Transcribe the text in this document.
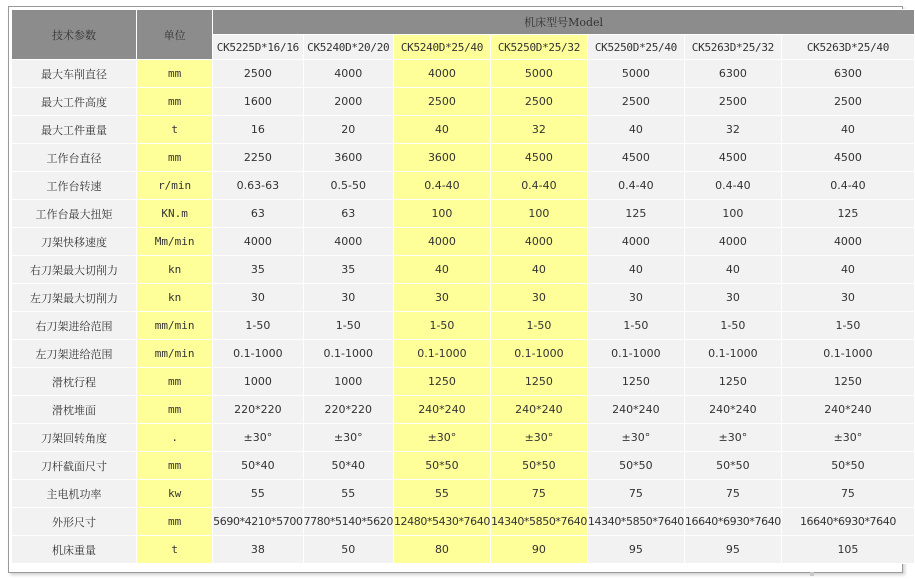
技术参数	单位	机床型号Model						
		CK5225D*16/16	CK5240D*20/20	CK5240D*25/40	CK5250D*25/32	CK5250D*25/40	CK5263D*25/32	CK5263D*25/40
最大车削直径	mm	2500	4000	4000	5000	5000	6300	6300
最大工件高度	mm	1600	2000	2500	2500	2500	2500	2500
最大工件重量	t	16	20	40	32	40	32	40
工作台直径	mm	2250	3600	3600	4500	4500	4500	4500
工作台转速	r/min	0.63-63	0.5-50	0.4-40	0.4-40	0.4-40	0.4-40	0.4-40
工作台最大扭矩	KN.m	63	63	100	100	125	100	125
刀架快移速度	Mm/min	4000	4000	4000	4000	4000	4000	4000
右刀架最大切削力	kn	35	35	40	40	40	40	40
左刀架最大切削力	kn	30	30	30	30	30	30	30
右刀架进给范围	mm/min	1-50	1-50	1-50	1-50	1-50	1-50	1-50
左刀架进给范围	mm/min	0.1-1000	0.1-1000	0.1-1000	0.1-1000	0.1-1000	0.1-1000	0.1-1000
滑枕行程	mm	1000	1000	1250	1250	1250	1250	1250
滑枕堆面	mm	220*220	220*220	240*240	240*240	240*240	240*240	240*240
刀架回转角度	.	±30°	±30°	±30°	±30°	±30°	±30°	±30°
刀杆截面尺寸	mm	50*40	50*40	50*50	50*50	50*50	50*50	50*50
主电机功率	kw	55	55	55	75	75	75	75
外形尺寸	mm	5690*4210*5700	7780*5140*5620	12480*5430*7640	14340*5850*7640	14340*5850*7640	16640*6930*7640	16640*6930*7640
机床重量	t	38	50	80	90	95	95	105
